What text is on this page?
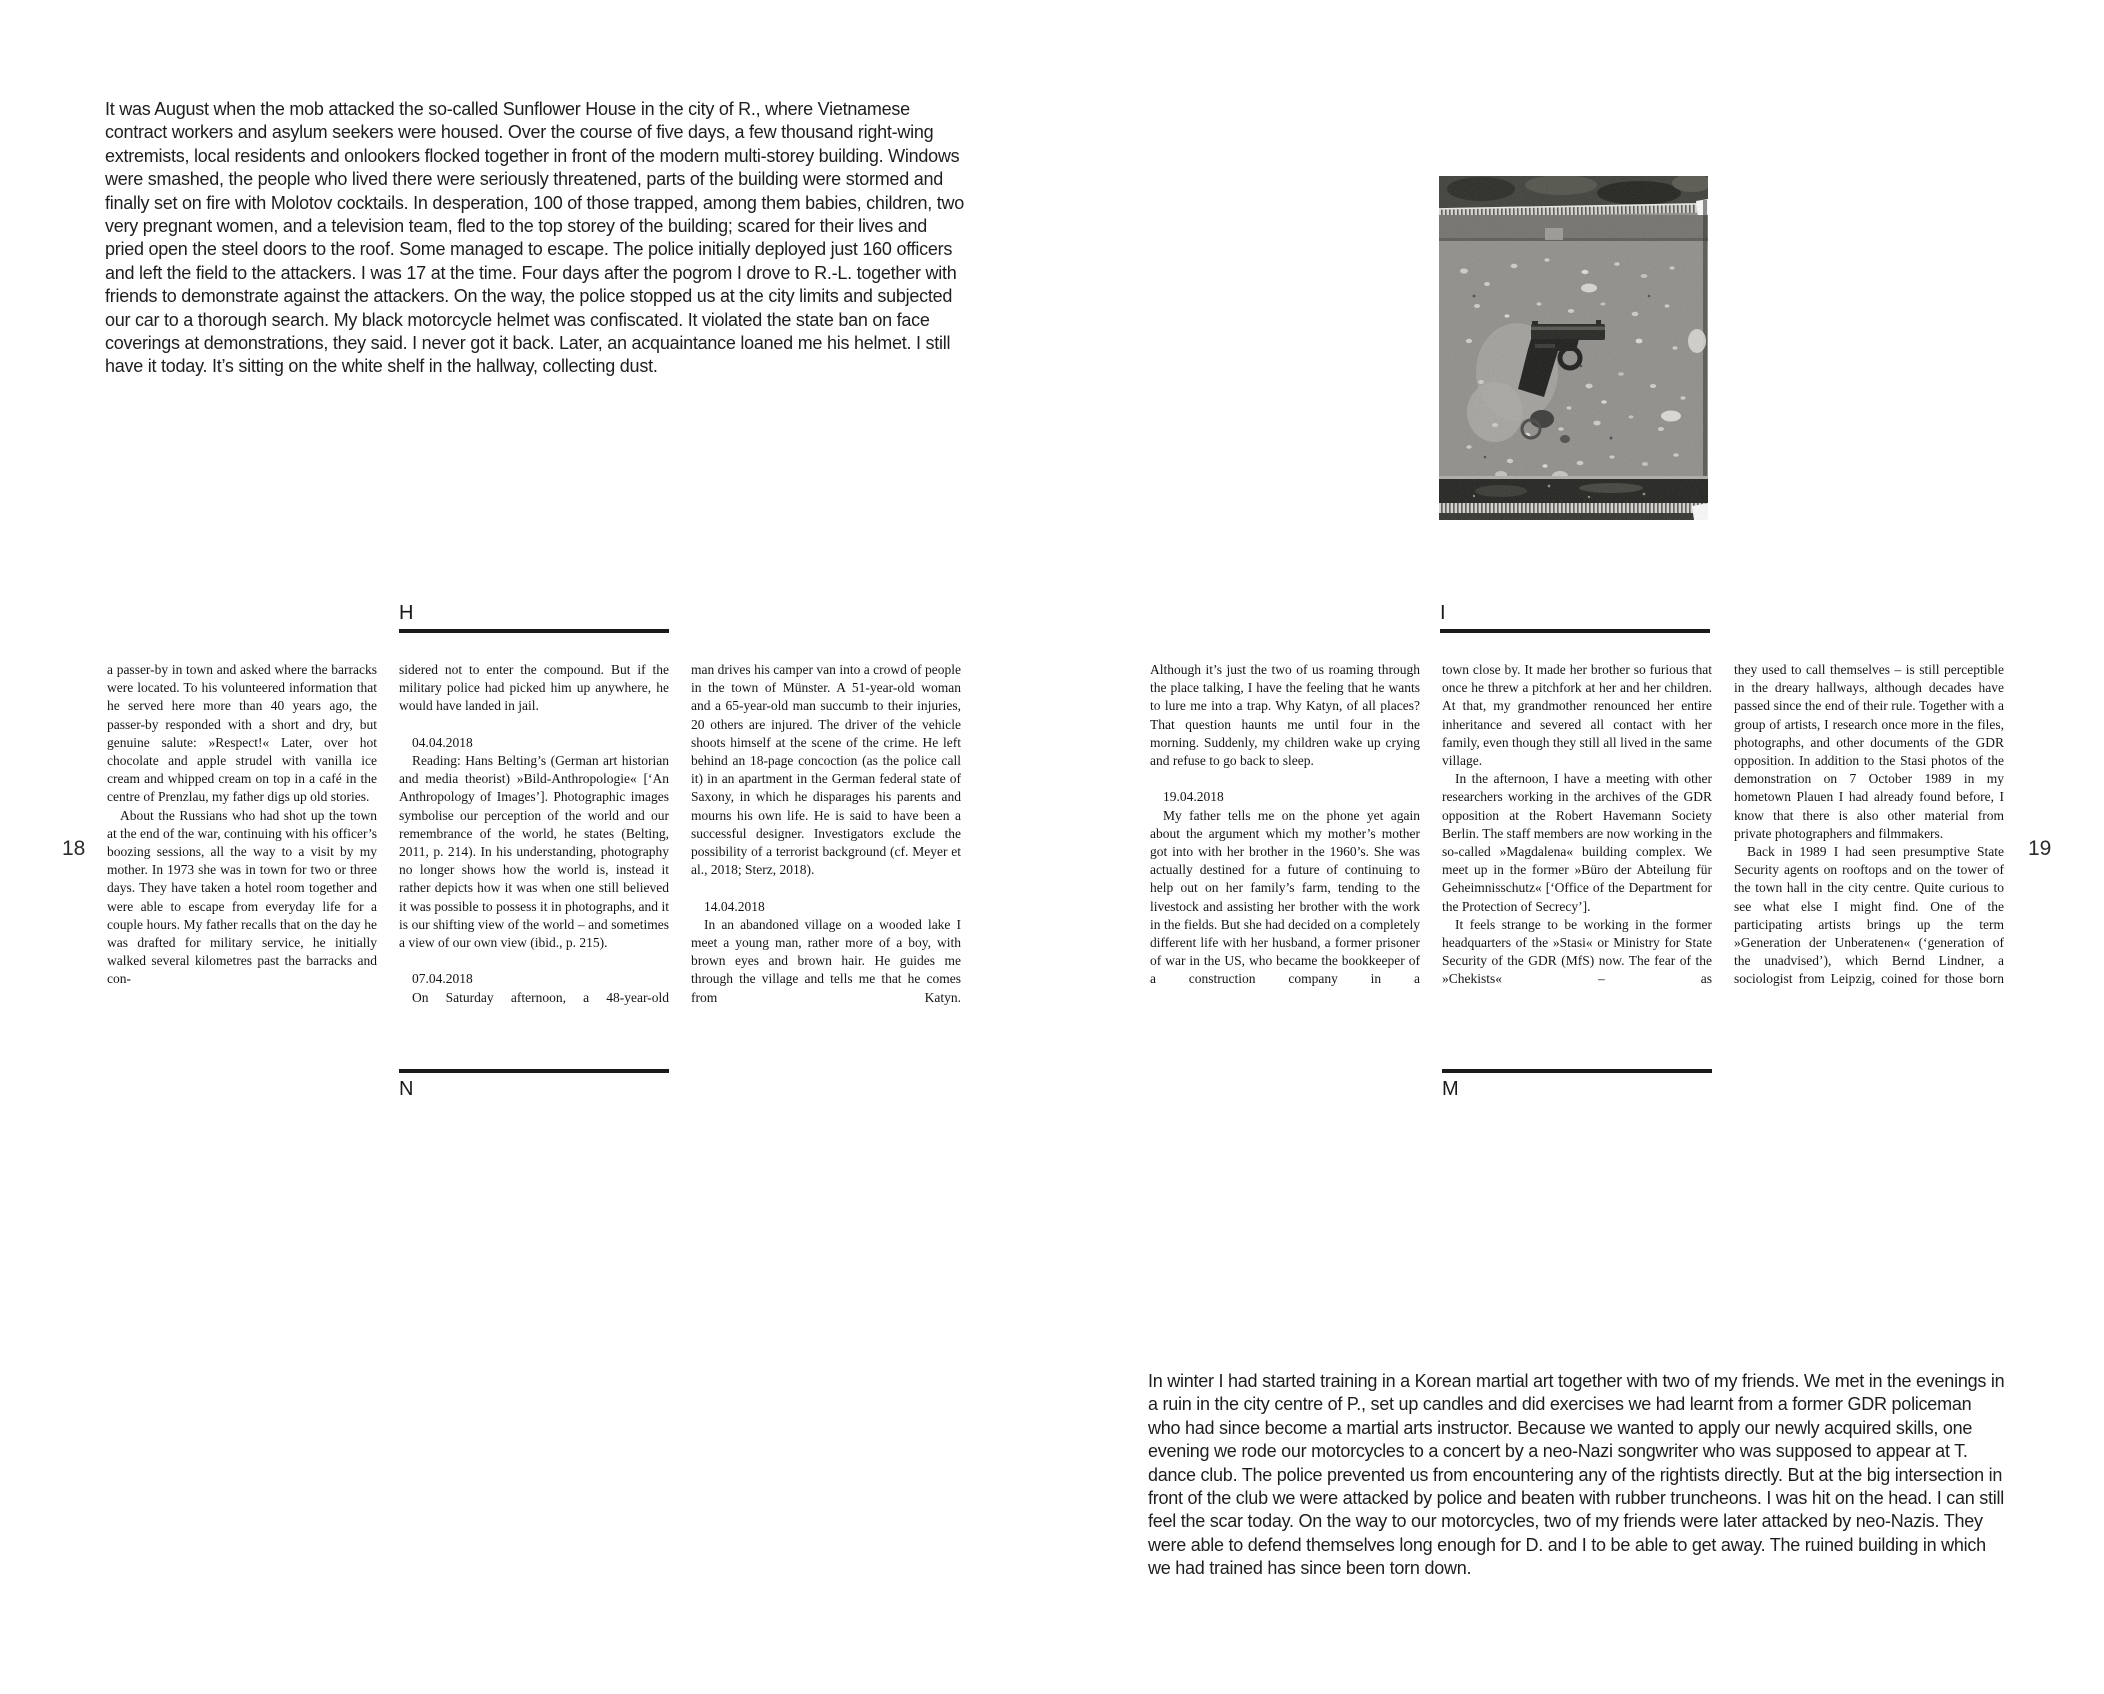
It was August when the mob attacked the so-called Sunflower House in the city of R., where Vietnamese contract workers and asylum seekers were housed. Over the course of five days, a few thousand right-wing extremists, local residents and onlookers flocked together in front of the modern multi-storey building. Windows were smashed, the people who lived there were seriously threatened, parts of the building were stormed and finally set on fire with Molotov cocktails. In desperation, 100 of those trapped, among them babies, children, two very pregnant women, and a television team, fled to the top storey of the building; scared for their lives and pried open the steel doors to the roof. Some managed to escape. The police initially deployed just 160 officers and left the field to the attackers. I was 17 at the time. Four days after the pogrom I drove to R.-L. together with friends to demonstrate against the attackers. On the way, the police stopped us at the city limits and subjected our car to a thorough search. My black motorcycle helmet was confiscated. It violated the state ban on face coverings at demonstrations, they said. I never got it back. Later, an acquaintance loaned me his helmet. I still have it today. It’s sitting on the white shelf in the hallway, collecting dust.
18
H

a passer-by in town and asked where the barracks were located. To his volunteered information that he served here more than 40 years ago, the passer-by responded with a short and dry, but genuine salute: »Respect!« Later, over hot chocolate and apple strudel with vanilla ice cream and whipped cream on top in a café in the centre of Prenzlau, my father digs up old stories.

About the Russians who had shot up the town at the end of the war, continuing with his officer’s boozing sessions, all the way to a visit by my mother. In 1973 she was in town for two or three days. They have taken a hotel room together and were able to escape from everyday life for a couple hours. My father recalls that on the day he was drafted for military service, he initially walked several kilometres past the barracks and con-

sidered not to enter the compound. But if the military police had picked him up anywhere, he would have landed in jail.

04.04.2018

Reading: Hans Belting’s (German art historian and media theorist) »Bild-Anthropologie« [‘An Anthropology of Images’]. Photographic images symbolise our perception of the world and our remembrance of the world, he states (Belting, 2011, p. 214). In his understanding, photography no longer shows how the world is, instead it rather depicts how it was when one still believed it was possible to possess it in photographs, and it is our shifting view of the world – and sometimes a view of our own view (ibid., p. 215).

07.04.2018

On Saturday afternoon, a 48-year-old

man drives his camper van into a crowd of people in the town of Münster. A 51-year-old woman and a 65-year-old man succumb to their injuries, 20 others are injured. The driver of the vehicle shoots himself at the scene of the crime. He left behind an 18-page concoction (as the police call it) in an apartment in the German federal state of Saxony, in which he disparages his parents and mourns his own life. He is said to have been a successful designer. Investigators exclude the possibility of a terrorist background (cf. Meyer et al., 2018; Sterz, 2018).

14.04.2018

In an abandoned village on a wooded lake I meet a young man, rather more of a boy, with brown eyes and brown hair. He guides me through the village and tells me that he comes from Katyn.

N
19
I

Although it’s just the two of us roaming through the place talking, I have the feeling that he wants to lure me into a trap. Why Katyn, of all places? That question haunts me until four in the morning. Suddenly, my children wake up crying and refuse to go back to sleep.

19.04.2018

My father tells me on the phone yet again about the argument which my mother’s mother got into with her brother in the 1960’s. She was actually destined for a future of continuing to help out on her family’s farm, tending to the livestock and assisting her brother with the work in the fields. But she had decided on a completely different life with her husband, a former prisoner of war in the US, who became the bookkeeper of a construction company in a

town close by. It made her brother so furious that once he threw a pitchfork at her and her children. At that, my grandmother renounced her entire inheritance and severed all contact with her family, even though they still all lived in the same village.

In the afternoon, I have a meeting with other researchers working in the archives of the GDR opposition at the Robert Havemann Society Berlin. The staff members are now working in the so-called »Magdalena« building complex. We meet up in the former »Büro der Abteilung für Geheimnisschutz« [‘Office of the Department for the Protection of Secrecy’].

It feels strange to be working in the former headquarters of the »Stasi« or Ministry for State Security of the GDR (MfS) now. The fear of the »Chekists« – as

they used to call themselves – is still perceptible in the dreary hallways, although decades have passed since the end of their rule. Together with a group of artists, I research once more in the files, photographs, and other documents of the GDR opposition. In addition to the Stasi photos of the demonstration on 7 October 1989 in my hometown Plauen I had already found before, I know that there is also other material from private photographers and filmmakers.

Back in 1989 I had seen presumptive State Security agents on rooftops and on the tower of the town hall in the city centre. Quite curious to see what else I might find. One of the participating artists brings up the term »Generation der Unberatenen« (‘generation of the unadvised’), which Bernd Lindner, a sociologist from Leipzig, coined for those born

M
In winter I had started training in a Korean martial art together with two of my friends. We met in the evenings in a ruin in the city centre of P., set up candles and did exercises we had learnt from a former GDR policeman who had since become a martial arts instructor. Because we wanted to apply our newly acquired skills, one evening we rode our motorcycles to a concert by a neo-Nazi songwriter who was supposed to appear at T. dance club. The police prevented us from encountering any of the rightists directly. But at the big intersection in front of the club we were attacked by police and beaten with rubber truncheons. I was hit on the head. I can still feel the scar today. On the way to our motorcycles, two of my friends were later attacked by neo-Nazis. They were able to defend themselves long enough for D. and I to be able to get away. The ruined building in which we had trained has since been torn down.
